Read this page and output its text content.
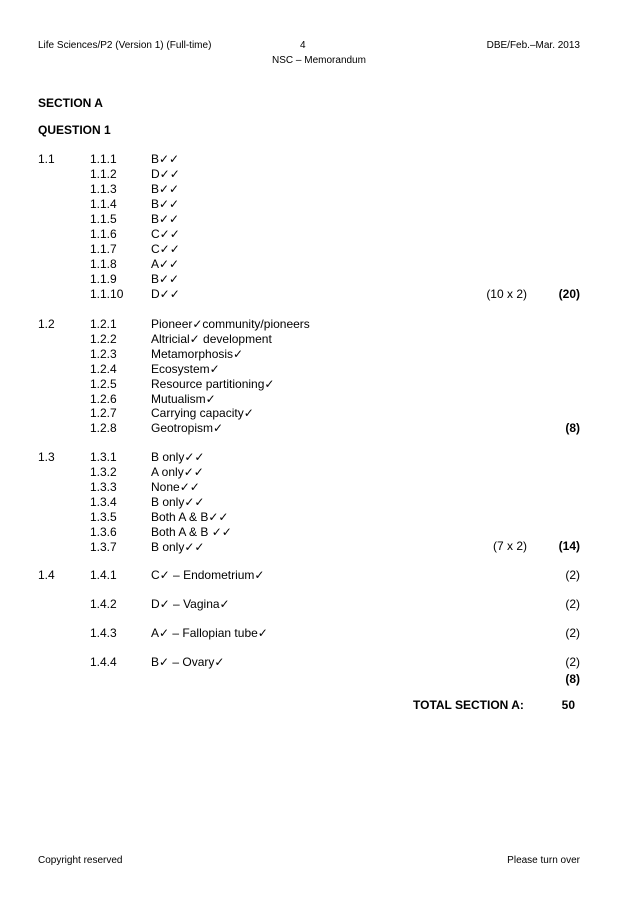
Life Sciences/P2 (Version 1) (Full-time)	4	DBE/Feb.–Mar. 2013
NSC – Memorandum
SECTION A
QUESTION 1
1.1	1.1.1	B✓✓
1.1.2	D✓✓
1.1.3	B✓✓
1.1.4	B✓✓
1.1.5	B✓✓
1.1.6	C✓✓
1.1.7	C✓✓
1.1.8	A✓✓
1.1.9	B✓✓
1.1.10 D✓✓	(10 x 2)	(20)
1.2	1.2.1	Pioneer✓community/pioneers
1.2.2	Altricial✓ development
1.2.3	Metamorphosis✓
1.2.4	Ecosystem✓
1.2.5	Resource partitioning✓
1.2.6	Mutualism✓
1.2.7	Carrying capacity✓
1.2.8	Geotropism✓	(8)
1.3	1.3.1	B only✓✓
1.3.2	A only✓✓
1.3.3	None✓✓
1.3.4	B only✓✓
1.3.5	Both A & B✓✓
1.3.6	Both A & B ✓✓
1.3.7	B only✓✓	(7 x 2)	(14)
1.4	1.4.1	C✓ – Endometrium✓	(2)
1.4.2	D✓ – Vagina✓	(2)
1.4.3	A✓ – Fallopian tube✓	(2)
1.4.4	B✓ – Ovary✓	(2)
(8)
TOTAL SECTION A:	50
Copyright reserved	Please turn over
